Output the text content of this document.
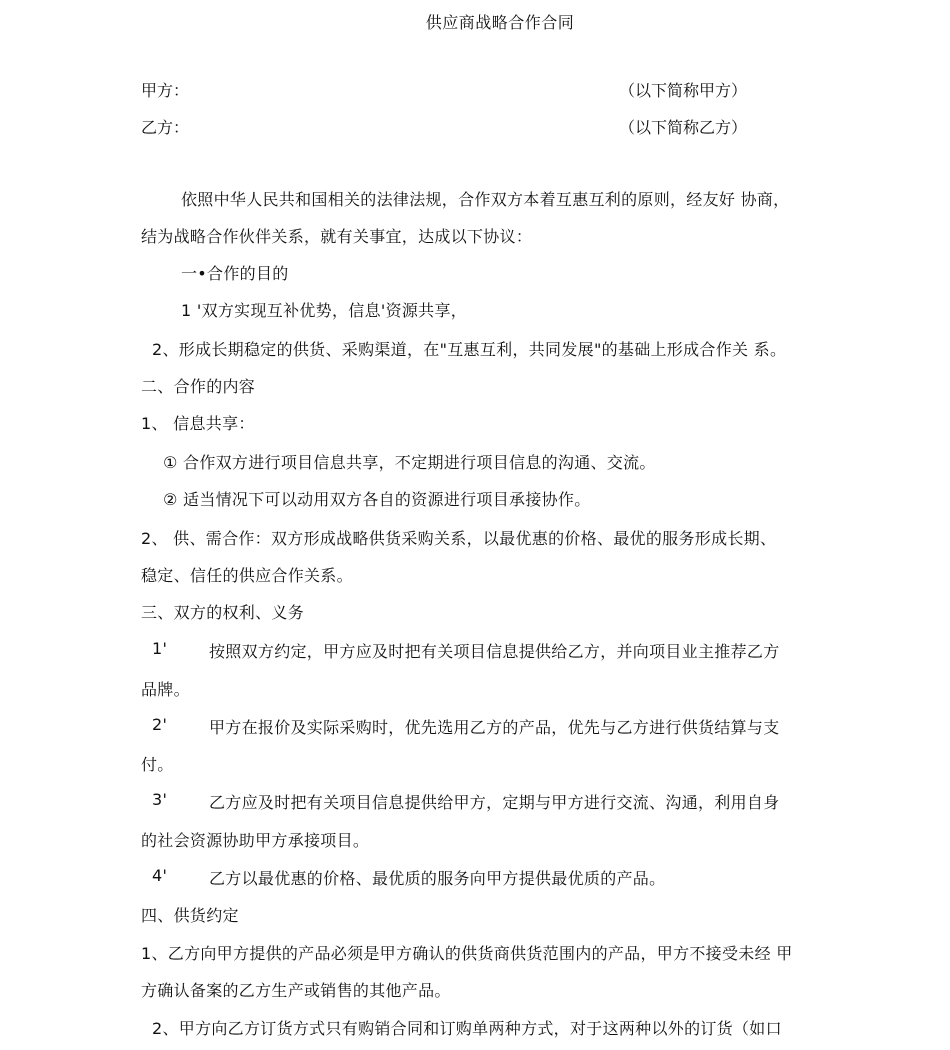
供应商战略合作合同
甲方：	（以下简称甲方）
乙方：	（以下简称乙方）
依照中华人民共和国相关的法律法规，合作双方本着互惠互利的原则，经友好 协商，
结为战略合作伙伴关系，就有关事宜，达成以下协议：
一•合作的目的
1 '双方实现互补优势，信息'资源共享，
2、形成长期稳定的供货、采购渠道，在"互惠互利，共同发展"的基础上形成合作关 系。
二、合作的内容
1、 信息共享：
① 合作双方进行项目信息共享，不定期进行项目信息的沟通、交流。
② 适当情况下可以动用双方各自的资源进行项目承接协作。
2、 供、需合作：双方形成战略供货采购关系，以最优惠的价格、最优的服务形成长期、
稳定、信任的供应合作关系。
三、双方的权利、义务
1'	按照双方约定，甲方应及时把有关项目信息提供给乙方，并向项目业主推荐乙方
品牌。
2'	甲方在报价及实际采购时，优先选用乙方的产品，优先与乙方进行供货结算与支
付。
3'	乙方应及时把有关项目信息提供给甲方，定期与甲方进行交流、沟通，利用自身
的社会资源协助甲方承接项目。
4'	乙方以最优惠的价格、最优质的服务向甲方提供最优质的产品。
四、供货约定
1、乙方向甲方提供的产品必须是甲方确认的供货商供货范围内的产品，甲方不接受未经 甲
方确认备案的乙方生产或销售的其他产品。
2、甲方向乙方订货方式只有购销合同和订购单两种方式，对于这两种以外的订货（如口
